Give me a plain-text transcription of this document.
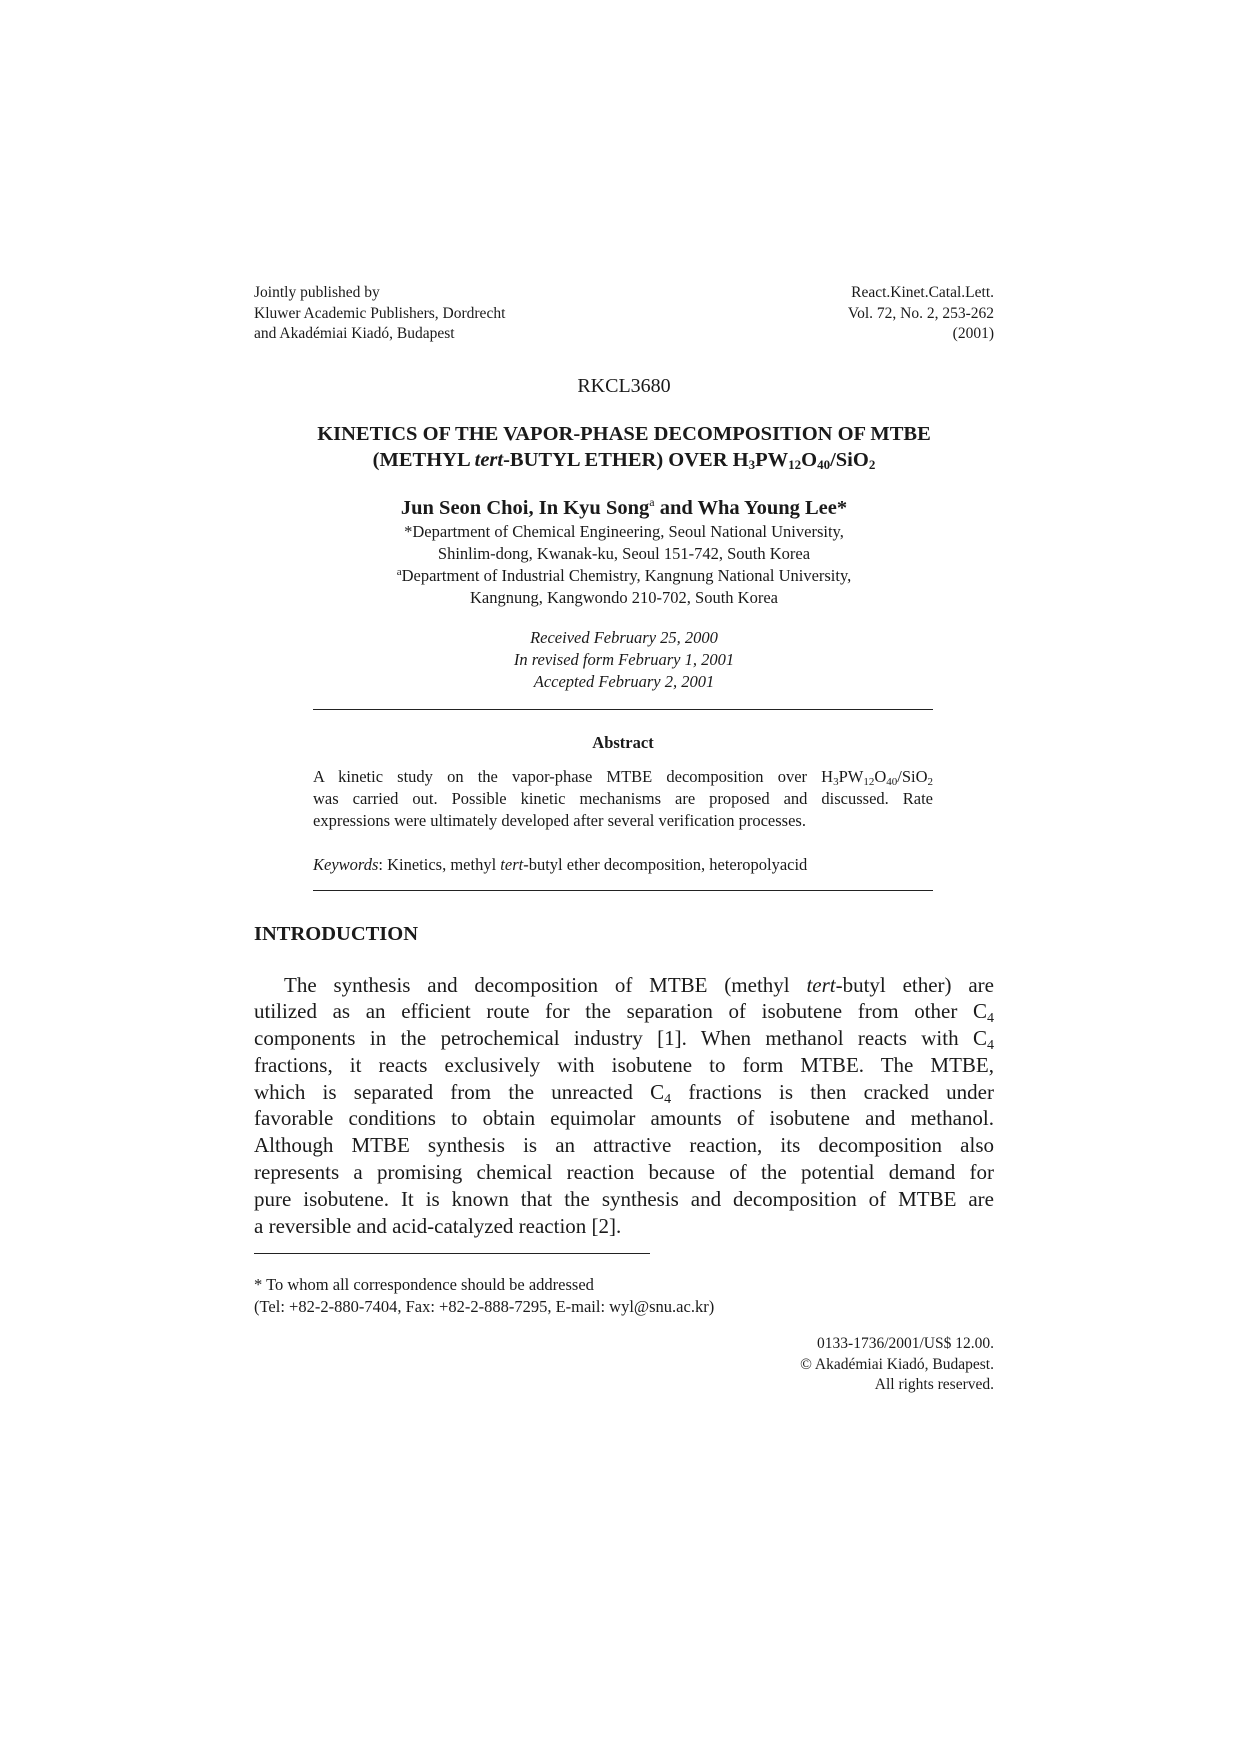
Jointly published by
Kluwer Academic Publishers, Dordrecht
and Akadémiai Kiadó, Budapest
React.Kinet.Catal.Lett.
Vol. 72, No. 2, 253-262
(2001)
RKCL3680
KINETICS OF THE VAPOR-PHASE DECOMPOSITION OF MTBE
(METHYL tert-BUTYL ETHER) OVER $H_3PW_{12}O_{40}/SiO_2$
Jun Seon Choi, In Kyu Song$^a$ and Wha Young Lee*
*Department of Chemical Engineering, Seoul National University,
Shinlim-dong, Kwanak-ku, Seoul 151-742, South Korea
$^a$Department of Industrial Chemistry, Kangnung National University,
Kangnung, Kangwondo 210-702, South Korea
Received February 25, 2000
In revised form February 1, 2001
Accepted February 2, 2001
Abstract
A kinetic study on the vapor-phase MTBE decomposition over $H_3PW_{12}O_{40}/SiO_2$
was carried out. Possible kinetic mechanisms are proposed and discussed. Rate
expressions were ultimately developed after several verification processes.
Keywords: Kinetics, methyl tert-butyl ether decomposition, heteropolyacid
INTRODUCTION
The synthesis and decomposition of MTBE (methyl tert-butyl ether) are
utilized as an efficient route for the separation of isobutene from other $C_4$
components in the petrochemical industry [1]. When methanol reacts with $C_4$
fractions, it reacts exclusively with isobutene to form MTBE. The MTBE,
which is separated from the unreacted $C_4$ fractions is then cracked under
favorable conditions to obtain equimolar amounts of isobutene and methanol.
Although MTBE synthesis is an attractive reaction, its decomposition also
represents a promising chemical reaction because of the potential demand for
pure isobutene. It is known that the synthesis and decomposition of MTBE are
a reversible and acid-catalyzed reaction [2].
* To whom all correspondence should be addressed
(Tel: +82-2-880-7404, Fax: +82-2-888-7295, E-mail: wyl@snu.ac.kr)
0133-1736/2001/US$ 12.00.
© Akadémiai Kiadó, Budapest.
All rights reserved.
